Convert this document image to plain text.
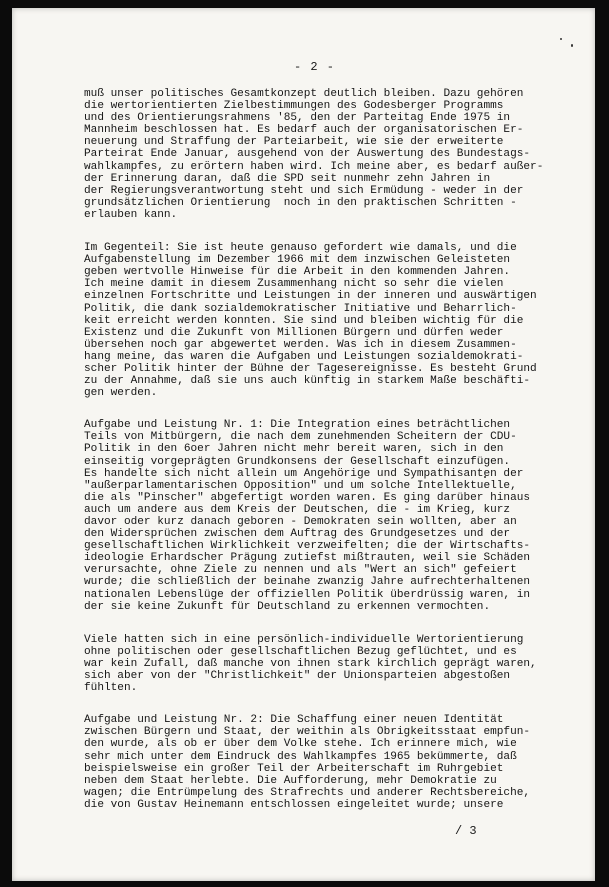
- 2 -

muß unser politisches Gesamtkonzept deutlich bleiben. Dazu gehören
die wertorientierten Zielbestimmungen des Godesberger Programms
und des Orientierungsrahmens '85, den der Parteitag Ende 1975 in
Mannheim beschlossen hat. Es bedarf auch der organisatorischen Er-
neuerung und Straffung der Parteiarbeit, wie sie der erweiterte
Parteirat Ende Januar, ausgehend von der Auswertung des Bundestags-
wahlkampfes, zu erörtern haben wird. Ich meine aber, es bedarf außer-
der Erinnerung daran, daß die SPD seit nunmehr zehn Jahren in
der Regierungsverantwortung steht und sich Ermüdung - weder in der
grundsätzlichen Orientierung  noch in den praktischen Schritten -
erlauben kann.

Im Gegenteil: Sie ist heute genauso gefordert wie damals, und die
Aufgabenstellung im Dezember 1966 mit dem inzwischen Geleisteten
geben wertvolle Hinweise für die Arbeit in den kommenden Jahren.
Ich meine damit in diesem Zusammenhang nicht so sehr die vielen
einzelnen Fortschritte und Leistungen in der inneren und auswärtigen
Politik, die dank sozialdemokratischer Initiative und Beharrlich-
keit erreicht werden konnten. Sie sind und bleiben wichtig für die
Existenz und die Zukunft von Millionen Bürgern und dürfen weder
übersehen noch gar abgewertet werden. Was ich in diesem Zusammen-
hang meine, das waren die Aufgaben und Leistungen sozialdemokrati-
scher Politik hinter der Bühne der Tagesereignisse. Es besteht Grund
zu der Annahme, daß sie uns auch künftig in starkem Maße beschäfti-
gen werden.

Aufgabe und Leistung Nr. 1: Die Integration eines beträchtlichen
Teils von Mitbürgern, die nach dem zunehmenden Scheitern der CDU-
Politik in den 6oer Jahren nicht mehr bereit waren, sich in den
einseitig vorgeprägten Grundkonsens der Gesellschaft einzufügen.
Es handelte sich nicht allein um Angehörige und Sympathisanten der
"außerparlamentarischen Opposition" und um solche Intellektuelle,
die als "Pinscher" abgefertigt worden waren. Es ging darüber hinaus
auch um andere aus dem Kreis der Deutschen, die - im Krieg, kurz
davor oder kurz danach geboren - Demokraten sein wollten, aber an
den Widersprüchen zwischen dem Auftrag des Grundgesetzes und der
gesellschaftlichen Wirklichkeit verzweifelten; die der Wirtschafts-
ideologie Erhardscher Prägung zutiefst mißtrauten, weil sie Schäden
verursachte, ohne Ziele zu nennen und als "Wert an sich" gefeiert
wurde; die schließlich der beinahe zwanzig Jahre aufrechterhaltenen
nationalen Lebenslüge der offiziellen Politik überdrüssig waren, in
der sie keine Zukunft für Deutschland zu erkennen vermochten.

Viele hatten sich in eine persönlich-individuelle Wertorientierung
ohne politischen oder gesellschaftlichen Bezug geflüchtet, und es
war kein Zufall, daß manche von ihnen stark kirchlich geprägt waren,
sich aber von der "Christlichkeit" der Unionsparteien abgestoßen
fühlten.

Aufgabe und Leistung Nr. 2: Die Schaffung einer neuen Identität
zwischen Bürgern und Staat, der weithin als Obrigkeitsstaat empfun-
den wurde, als ob er über dem Volke stehe. Ich erinnere mich, wie
sehr mich unter dem Eindruck des Wahlkampfes 1965 bekümmerte, daß
beispielsweise ein großer Teil der Arbeiterschaft im Ruhrgebiet
neben dem Staat herlebte. Die Aufforderung, mehr Demokratie zu
wagen; die Entrümpelung des Strafrechts und anderer Rechtsbereiche,
die von Gustav Heinemann entschlossen eingeleitet wurde; unsere

/ 3
